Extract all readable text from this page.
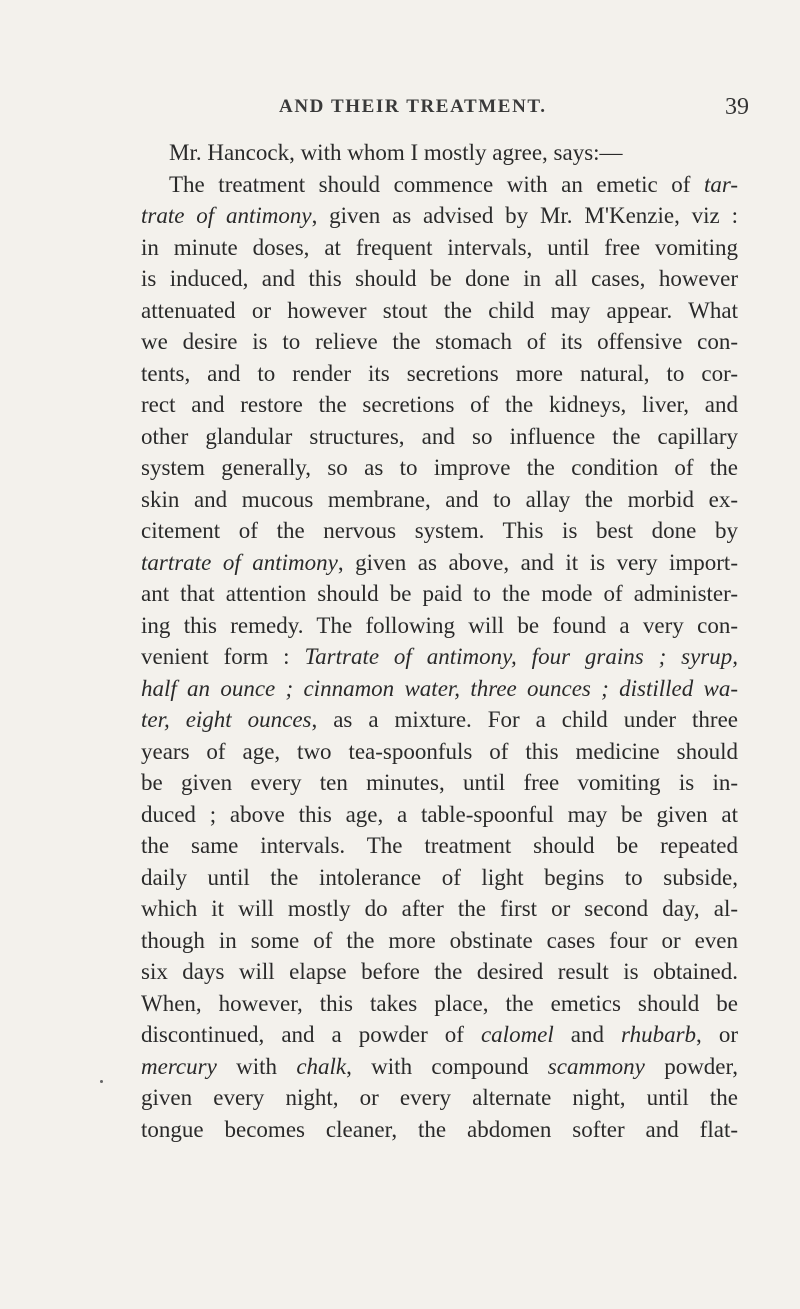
AND THEIR TREATMENT.	39
Mr. Hancock, with whom I mostly agree, says:—
The treatment should commence with an emetic of tar-
trate of antimony, given as advised by Mr. M'Kenzie, viz :
in minute doses, at frequent intervals, until free vomiting
is induced, and this should be done in all cases, however
attenuated or however stout the child may appear. What
we desire is to relieve the stomach of its offensive con-
tents, and to render its secretions more natural, to cor-
rect and restore the secretions of the kidneys, liver, and
other glandular structures, and so influence the capillary
system generally, so as to improve the condition of the
skin and mucous membrane, and to allay the morbid ex-
citement of the nervous system. This is best done by
tartrate of antimony, given as above, and it is very import-
ant that attention should be paid to the mode of administer-
ing this remedy. The following will be found a very con-
venient form : Tartrate of antimony, four grains ; syrup,
half an ounce ; cinnamon water, three ounces ; distilled wa-
ter, eight ounces, as a mixture. For a child under three
years of age, two tea-spoonfuls of this medicine should
be given every ten minutes, until free vomiting is in-
duced ; above this age, a table-spoonful may be given at
the same intervals. The treatment should be repeated
daily until the intolerance of light begins to subside,
which it will mostly do after the first or second day, al-
though in some of the more obstinate cases four or even
six days will elapse before the desired result is obtained.
When, however, this takes place, the emetics should be
discontinued, and a powder of calomel and rhubarb, or
mercury with chalk, with compound scammony powder,
given every night, or every alternate night, until the
tongue becomes cleaner, the abdomen softer and flat-
